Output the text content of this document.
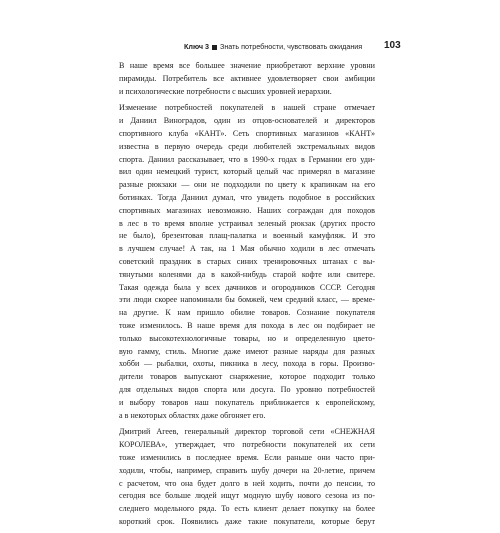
Ключ 3 Знать потребности, чувствовать ожидания 103
В наше время все большее значение приобретают верхние уровни
пирамиды. Потребитель все активнее удовлетворяет свои амбиции
и психологические потребности с высших уровней иерархии.
Изменение потребностей покупателей в нашей стране отмечает
и Даниил Виноградов, один из отцов-основателей и директоров
спортивного клуба «КАНТ». Сеть спортивных магазинов «КАНТ»
известна в первую очередь среди любителей экстремальных видов
спорта. Даниил рассказывает, что в 1990-х годах в Германии его уди-
вил один немецкий турист, который целый час примерял в магазине
разные рюкзаки — они не подходили по цвету к крапинкам на его
ботинках. Тогда Даниил думал, что увидеть подобное в российских
спортивных магазинах невозможно. Наших сограждан для походов
в лес в то время вполне устраивал зеленый рюкзак (других просто
не было), брезентовая плащ-палатка и военный камуфляж. И это
в лучшем случае! А так, на 1 Мая обычно ходили в лес отмечать
советский праздник в старых синих тренировочных штанах с вы-
тянутыми коленями да в какой-нибудь старой кофте или свитере.
Такая одежда была у всех дачников и огородников СССР. Сегодня
эти люди скорее напоминали бы бомжей, чем средний класс, — време-
на другие. К нам пришло обилие товаров. Сознание покупателя
тоже изменилось. В наше время для похода в лес он подбирает не
только высокотехнологичные товары, но и определенную цвето-
вую гамму, стиль. Многие даже имеют разные наряды для разных
хобби — рыбалки, охоты, пикника в лесу, похода в горы. Произво-
дители товаров выпускают снаряжение, которое подходит только
для отдельных видов спорта или досуга. По уровню потребностей
и выбору товаров наш покупатель приближается к европейскому,
а в некоторых областях даже обгоняет его.
Дмитрий Агеев, генеральный директор торговой сети «СНЕЖНАЯ
КОРОЛЕВА», утверждает, что потребности покупателей их сети
тоже изменились в последнее время. Если раньше они часто при-
ходили, чтобы, например, справить шубу дочери на 20-летие, причем
с расчетом, что она будет долго в ней ходить, почти до пенсии, то
сегодня все больше людей ищут модную шубу нового сезона из по-
следнего модельного ряда. То есть клиент делает покупку на более
короткий срок. Появились даже такие покупатели, которые берут
